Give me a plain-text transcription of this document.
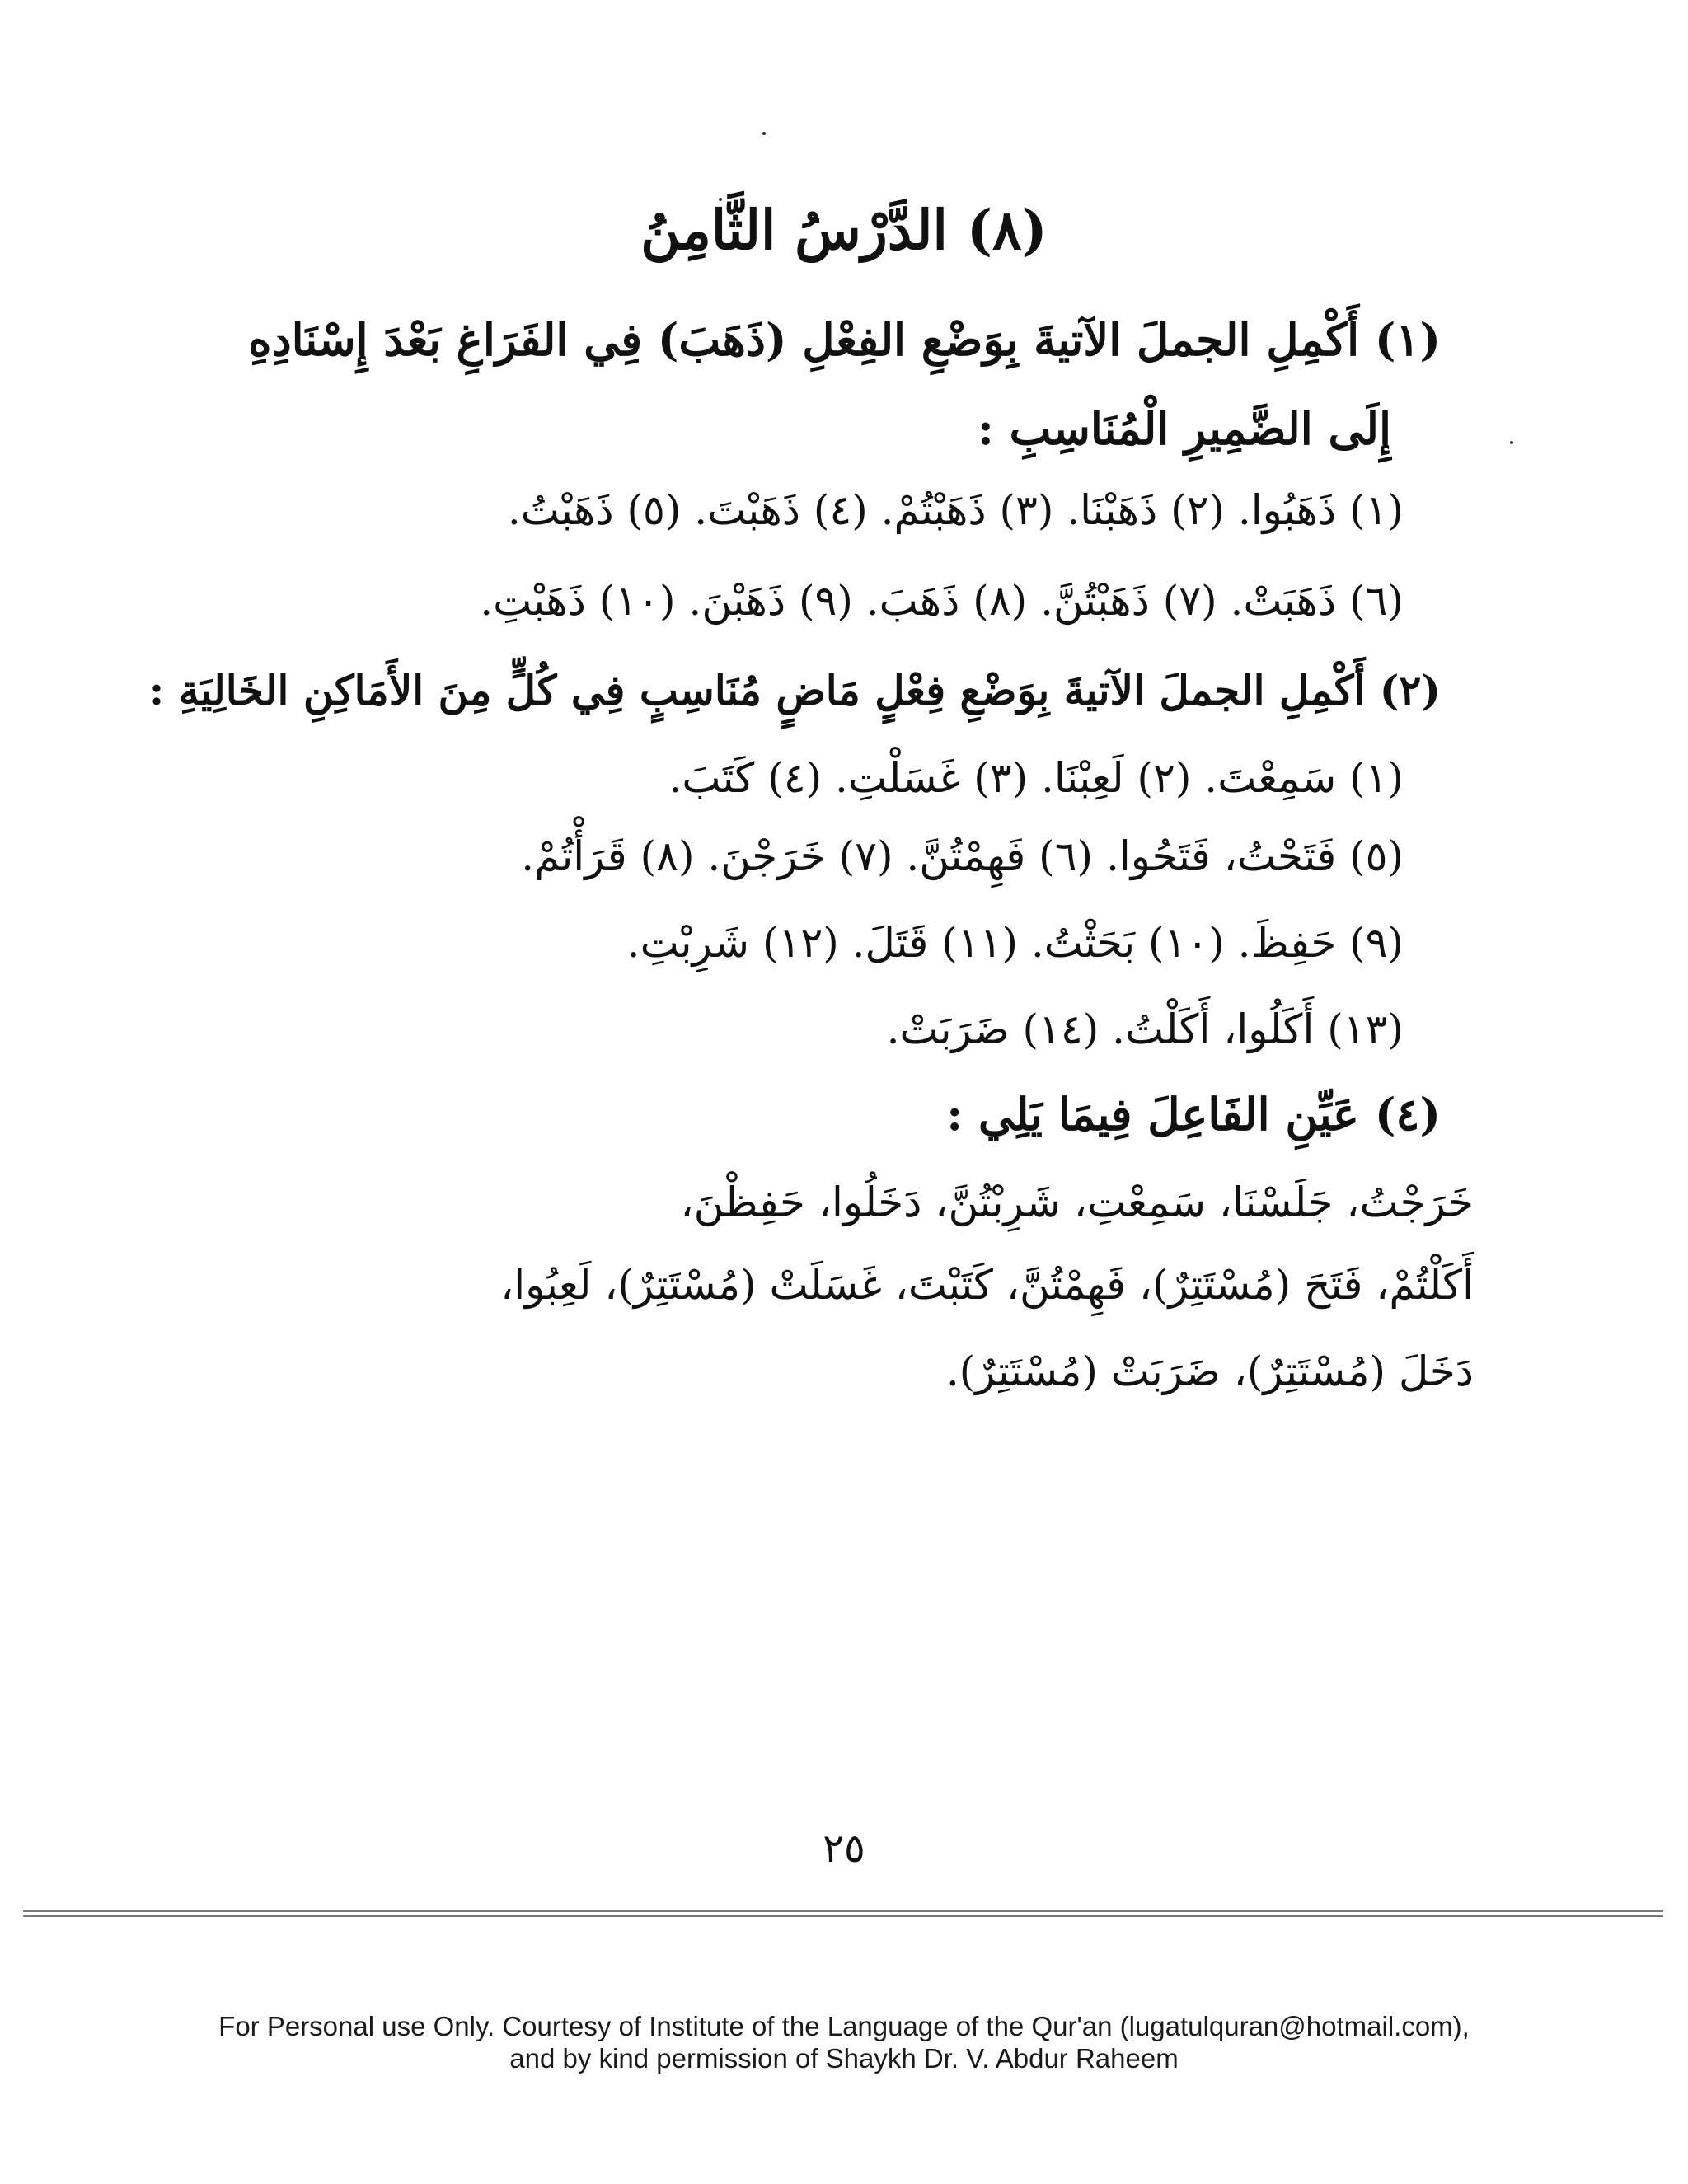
(٨) الدَّرْسُ الثَّامِنُ
(١) أَكْمِلِ الجملَ الآتيةَ بِوَضْعِ الفِعْلِ (ذَهَبَ) فِي الفَرَاغِ بَعْدَ إِسْنَادِهِ
إِلَى الضَّمِيرِ الْمُنَاسِبِ :
(١) ذَهَبُوا. (٢) ذَهَبْنَا. (٣) ذَهَبْتُمْ. (٤) ذَهَبْتَ. (٥) ذَهَبْتُ.
(٦) ذَهَبَتْ. (٧) ذَهَبْتُنَّ. (٨) ذَهَبَ. (٩) ذَهَبْنَ. (١٠) ذَهَبْتِ.
(٢) أَكْمِلِ الجملَ الآتيةَ بِوَضْعِ فِعْلٍ مَاضٍ مُنَاسِبٍ فِي كُلٍّ مِنَ الأَمَاكِنِ الخَالِيَةِ :
(١) سَمِعْتَ. (٢) لَعِبْنَا. (٣) غَسَلْتِ. (٤) كَتَبَ.
(٥) فَتَحْتُ، فَتَحُوا. (٦) فَهِمْتُنَّ. (٧) خَرَجْنَ. (٨) قَرَأْتُمْ.
(٩) حَفِظَ. (١٠) بَحَثْتُ. (١١) قَتَلَ. (١٢) شَرِبْتِ.
(١٣) أَكَلُوا، أَكَلْتُ. (١٤) ضَرَبَتْ.
(٤) عَيِّنِ الفَاعِلَ فِيمَا يَلِي :
خَرَجْتُ، جَلَسْنَا، سَمِعْتِ، شَرِبْتُنَّ، دَخَلُوا، حَفِظْنَ،
أَكَلْتُمْ، فَتَحَ (مُسْتَتِرٌ)، فَهِمْتُنَّ، كَتَبْتَ، غَسَلَتْ (مُسْتَتِرٌ)، لَعِبُوا،
دَخَلَ (مُسْتَتِرٌ)، ضَرَبَتْ (مُسْتَتِرٌ).
٢٥
For Personal use Only. Courtesy of Institute of the Language of the Qur'an (lugatulquran@hotmail.com),
and by kind permission of Shaykh Dr. V. Abdur Raheem
